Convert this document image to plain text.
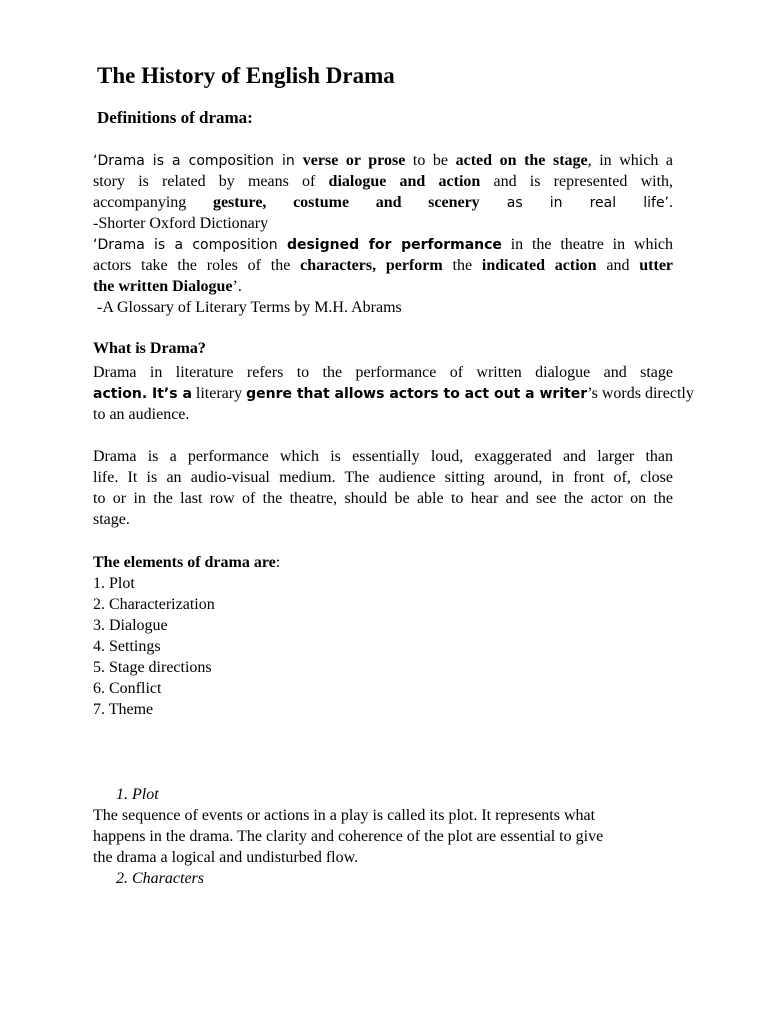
The History of English Drama
Definitions of drama:
‘Drama is a composition in verse or prose to be acted on the stage, in which a
story is related by means of dialogue and action and is represented with,
accompanying gesture, costume and scenery as in real life’.
-Shorter Oxford Dictionary
‘Drama is a composition designed for performance in the theatre in which
actors take the roles of the characters, perform the indicated action and utter
the written Dialogue’.
-A Glossary of Literary Terms by M.H. Abrams
What is Drama?
Drama in literature refers to the performance of written dialogue and stage
action. It’s a literary genre that allows actors to act out a writer’s words directly
to an audience.
Drama is a performance which is essentially loud, exaggerated and larger than
life. It is an audio-visual medium. The audience sitting around, in front of, close
to or in the last row of the theatre, should be able to hear and see the actor on the
stage.
The elements of drama are:
1. Plot
2. Characterization
3. Dialogue
4. Settings
5. Stage directions
6. Conflict
7. Theme
1. Plot
The sequence of events or actions in a play is called its plot. It represents what
happens in the drama. The clarity and coherence of the plot are essential to give
the drama a logical and undisturbed flow.
2. Characters
